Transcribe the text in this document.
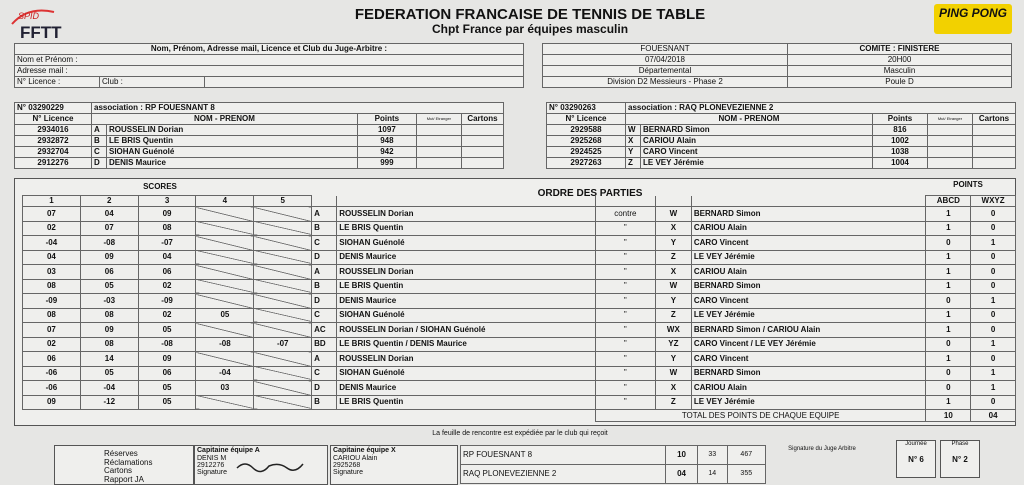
SPID
FFTT
PING PONG
FEDERATION FRANCAISE DE TENNIS DE TABLE
Chpt France par équipes masculin
Nom, Prénom, Adresse mail, Licence et Club du Juge-Arbitre :
Nom et Prénom :
Adresse mail :
N° Licence :	Club :	
FOUESNANT	COMITE : FINISTERE
07/04/2018	20H00
Départemental	Masculin
Division D2 Messieurs - Phase 2	Poule D
N° 03290229	association : RP FOUESNANT 8				
N° Licence	NOM - PRENOM		Points	Mut/ Etranger	Cartons
2934016	A	ROUSSELIN Dorian	1097		
2932872	B	LE BRIS Quentin	948		
2932704	C	SIOHAN Guénolé	942		
2912276	D	DENIS Maurice	999		
N° 03290263	association : RAQ PLONEVEZIENNE 2				
N° Licence	NOM - PRENOM		Points	Mut/ Etranger	Cartons
2929588	W	BERNARD Simon	816		
2925268	X	CARIOU Alain	1002		
2924525	Y	CARO Vincent	1038		
2927263	Z	LE VEY Jérémie	1004		
SCORES
ORDRE DES PARTIES
POINTS
1	2	3	4	5						ABCD	WXYZ
07	04	09			A	ROUSSELIN Dorian	contre	W	BERNARD Simon	1	0
02	07	08			B	LE BRIS Quentin	"	X	CARIOU Alain	1	0
-04	-08	-07			C	SIOHAN Guénolé	"	Y	CARO Vincent	0	1
04	09	04			D	DENIS Maurice	"	Z	LE VEY Jérémie	1	0
03	06	06			A	ROUSSELIN Dorian	"	X	CARIOU Alain	1	0
08	05	02			B	LE BRIS Quentin	"	W	BERNARD Simon	1	0
-09	-03	-09			D	DENIS Maurice	"	Y	CARO Vincent	0	1
08	08	02	05		C	SIOHAN Guénolé	"	Z	LE VEY Jérémie	1	0
07	09	05			AC	ROUSSELIN Dorian / SIOHAN Guénolé	"	WX	BERNARD Simon / CARIOU Alain	1	0
02	08	-08	-08	-07	BD	LE BRIS Quentin / DENIS Maurice	"	YZ	CARO Vincent / LE VEY Jérémie	0	1
06	14	09			A	ROUSSELIN Dorian	"	Y	CARO Vincent	1	0
-06	05	06	-04		C	SIOHAN Guénolé	"	W	BERNARD Simon	0	1
-06	-04	05	03		D	DENIS Maurice	"	X	CARIOU Alain	0	1
09	-12	05			B	LE BRIS Quentin	"	Z	LE VEY Jérémie	1	0
							TOTAL DES POINTS DE CHAQUE EQUIPE			10	04
La feuille de rencontre est expédiée par le club qui reçoit
Réserves
Réclamations
Cartons
Rapport JA
Capitaine équipe A
DENIS M
2912276
Signature
Capitaine équipe X
CARIOU Alain
2925268
Signature
RP FOUESNANT 8	10	33	467
RAQ PLONEVEZIENNE 2	04	14	355
Signature du Juge Arbitre
Journée
N° 6
Phase
N° 2
